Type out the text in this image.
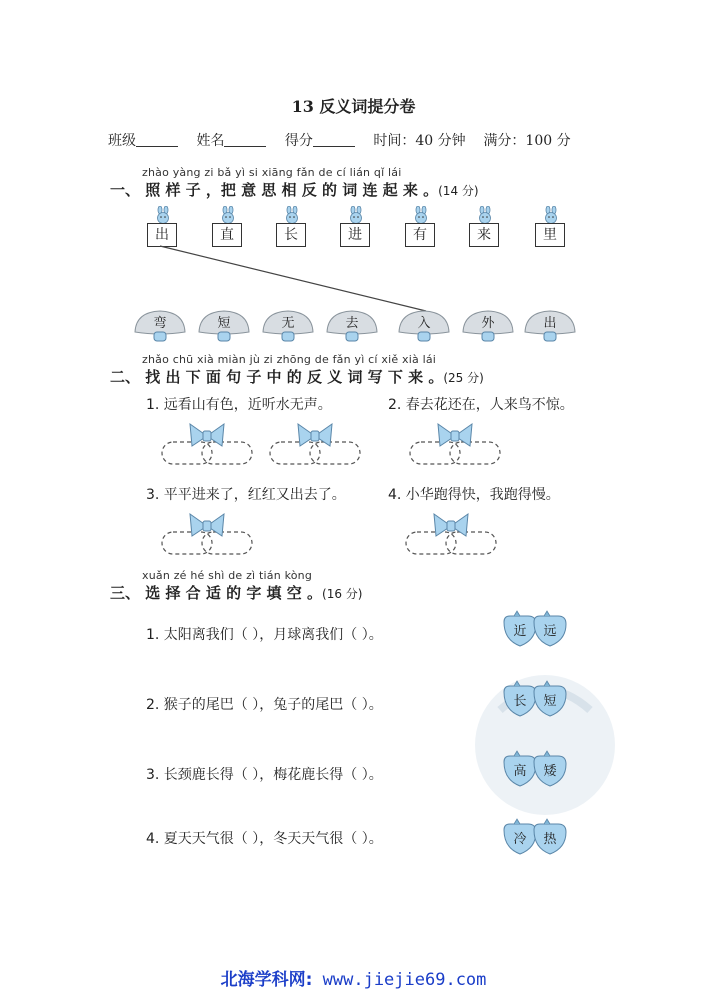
13 反义词提分卷
班级	姓名	得分	时间：40 分钟 满分：100 分
zhào yàng zi bǎ yì si xiāng fǎn de cí lián qǐ lái
一、 照 样 子 ，把 意 思 相 反 的 词 连 起 来 。(14 分)
出	直	长	进	有	来	里
弯	短	无	去	入	外	出
zhǎo chū xià miàn jù zi zhōng de fǎn yì cí xiě xià lái
二、 找 出 下 面 句 子 中 的 反 义 词 写 下 来 。(25 分)
1. 远看山有色，近听水无声。	2. 春去花还在，人来鸟不惊。
3. 平平进来了，红红又出去了。	4. 小华跑得快，我跑得慢。
xuǎn zé hé shì de zì tián kòng
三、 选 择 合 适 的 字 填 空 。(16 分)
1. 太阳离我们（ ），月球离我们（ ）。
2. 猴子的尾巴（ ），兔子的尾巴（ ）。
3. 长颈鹿长得（ ），梅花鹿长得（ ）。
4. 夏天天气很（ ），冬天天气很（ ）。
近	远
长	短
高	矮
冷	热
北海学科网: www.jiejie69.com
